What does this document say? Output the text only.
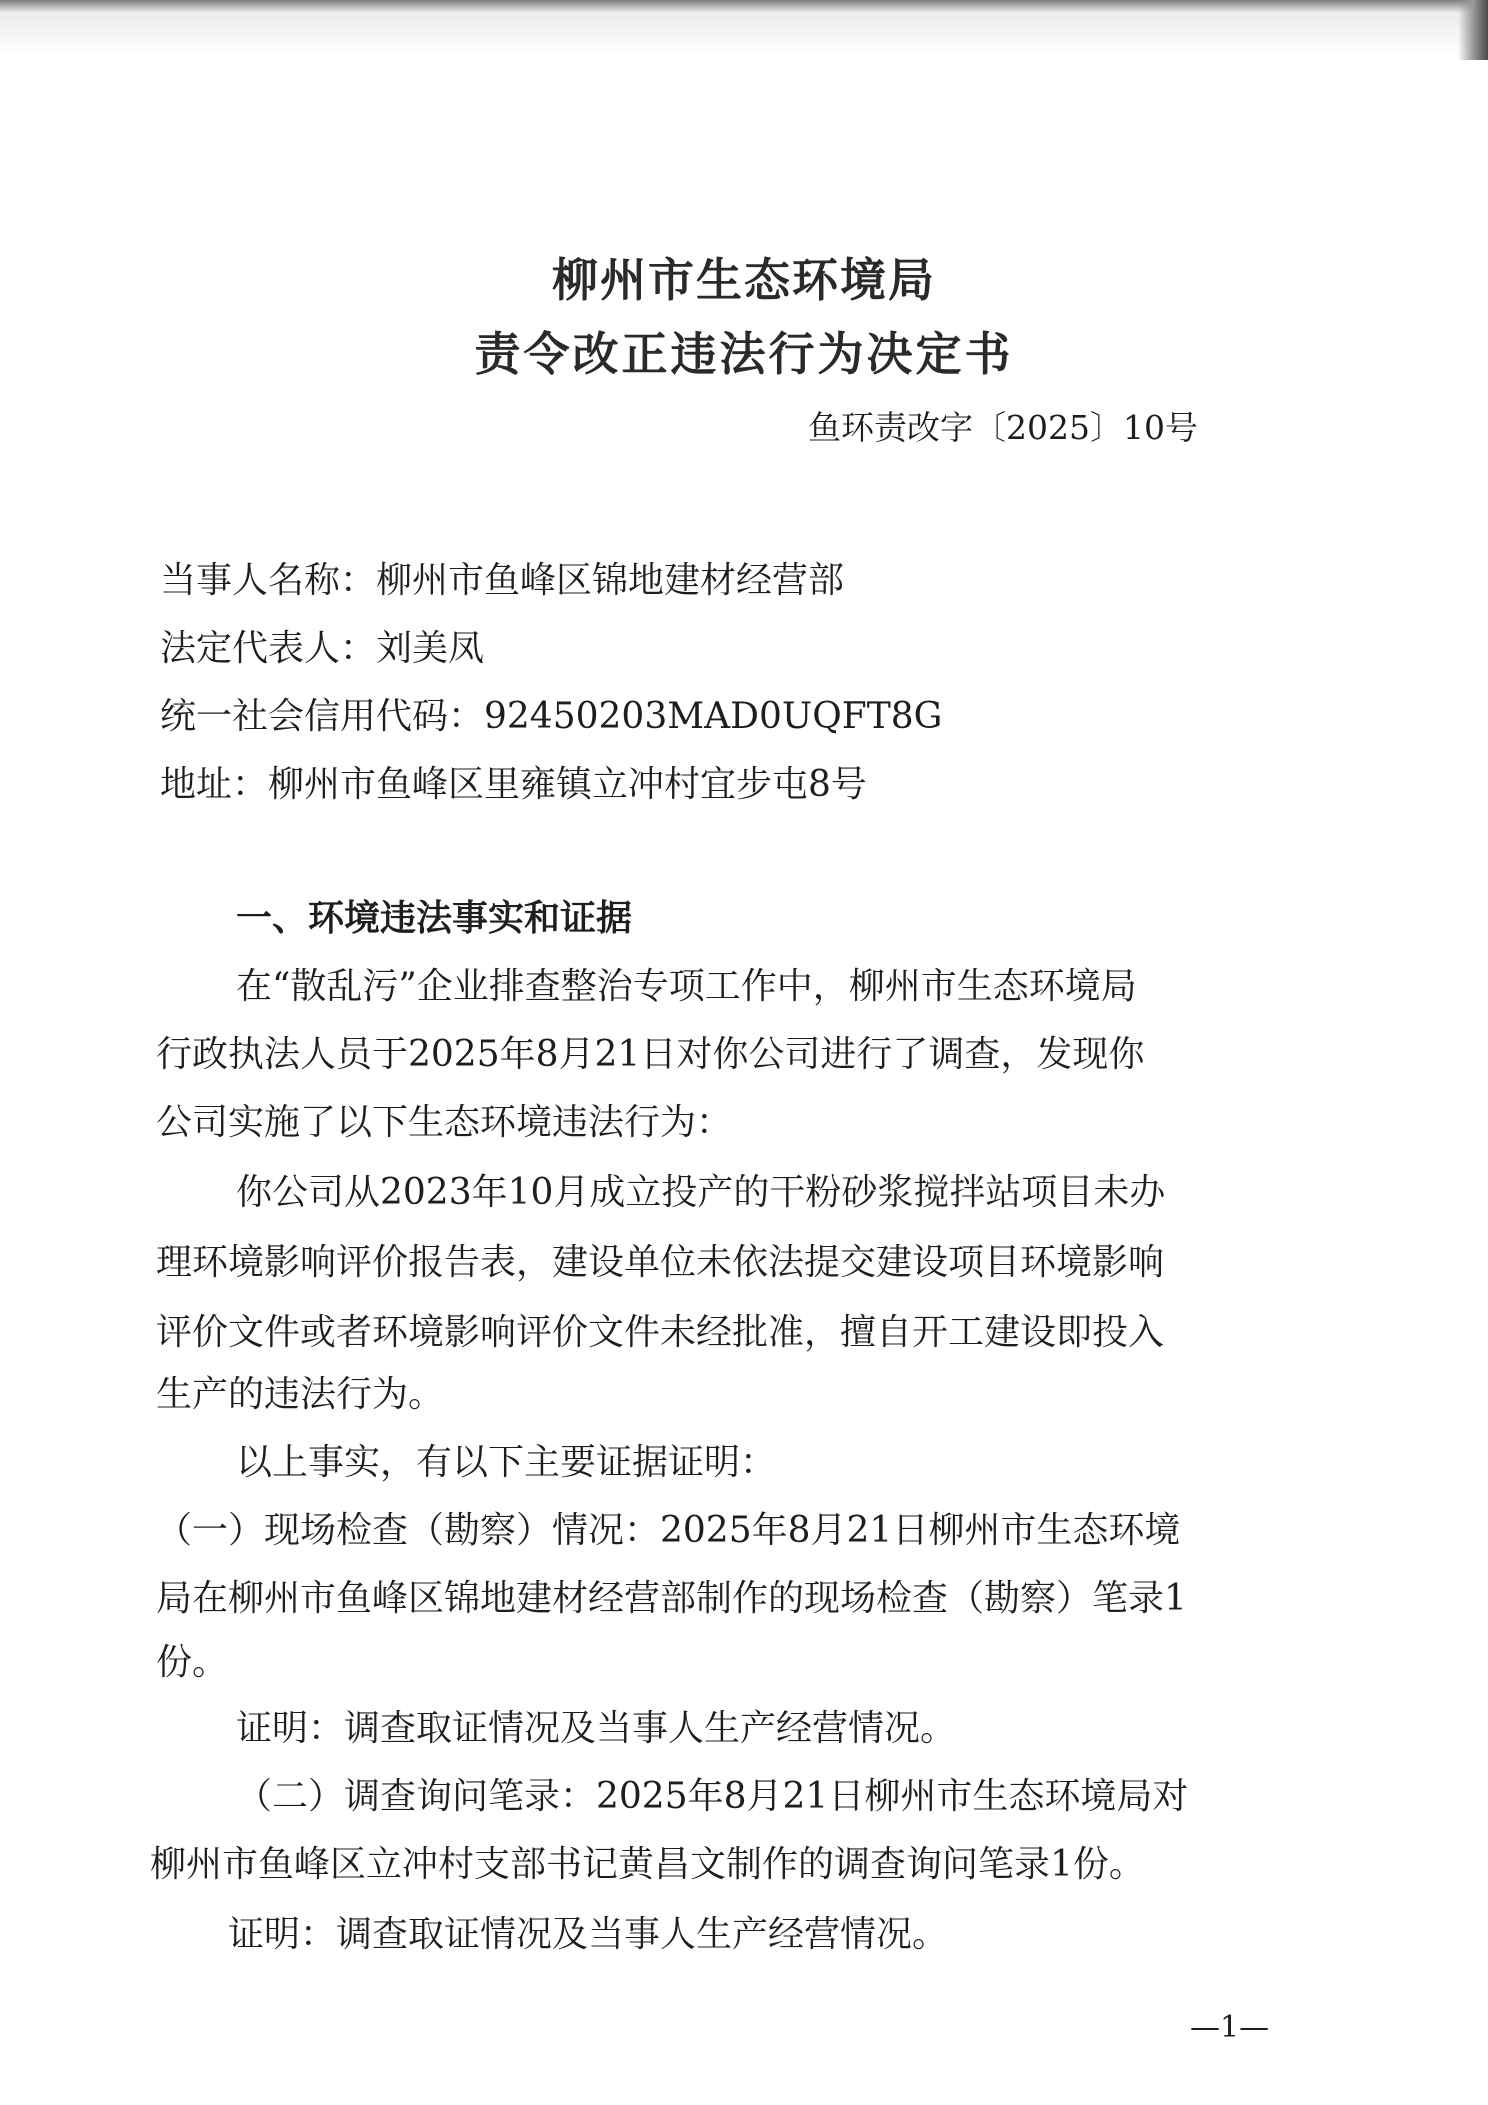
柳州市生态环境局
责令改正违法行为决定书
鱼环责改字〔2025〕10号
当事人名称：柳州市鱼峰区锦地建材经营部
法定代表人：刘美凤
统一社会信用代码：92450203MAD0UQFT8G
地址：柳州市鱼峰区里雍镇立冲村宜步屯8号
一、环境违法事实和证据
在“散乱污”企业排查整治专项工作中，柳州市生态环境局
行政执法人员于2025年8月21日对你公司进行了调查，发现你
公司实施了以下生态环境违法行为：
你公司从2023年10月成立投产的干粉砂浆搅拌站项目未办
理环境影响评价报告表，建设单位未依法提交建设项目环境影响
评价文件或者环境影响评价文件未经批准，擅自开工建设即投入
生产的违法行为。
以上事实，有以下主要证据证明：
（一）现场检查（勘察）情况：2025年8月21日柳州市生态环境
局在柳州市鱼峰区锦地建材经营部制作的现场检查（勘察）笔录1
份。
证明：调查取证情况及当事人生产经营情况。
（二）调查询问笔录：2025年8月21日柳州市生态环境局对
柳州市鱼峰区立冲村支部书记黄昌文制作的调查询问笔录1份。
证明：调查取证情况及当事人生产经营情况。
—1—
